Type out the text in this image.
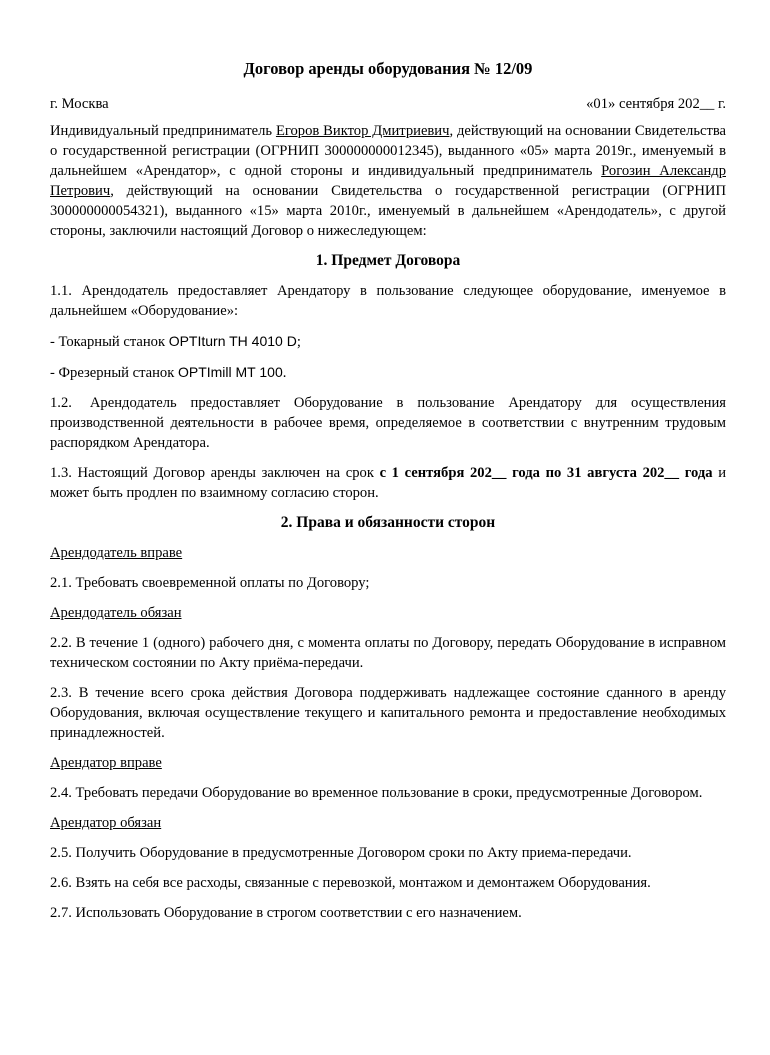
Договор аренды оборудования № 12/09
г. Москва	«01» сентября 202__ г.

Индивидуальный предприниматель Егоров Виктор Дмитриевич, действующий на основании Свидетельства о государственной регистрации (ОГРНИП 300000000012345), выданного «05» марта 2019г., именуемый в дальнейшем «Арендатор», с одной стороны и индивидуальный предприниматель Рогозин Александр Петрович, действующий на основании Свидетельства о государственной регистрации (ОГРНИП 300000000054321), выданного «15» марта 2010г., именуемый в дальнейшем «Арендодатель», с другой стороны, заключили настоящий Договор о нижеследующем:

1. Предмет Договора

1.1. Арендодатель предоставляет Арендатору в пользование следующее оборудование, именуемое в дальнейшем «Оборудование»:

- Токарный станок OPTIturn TH 4010 D;

- Фрезерный станок OPTImill MT 100.

1.2. Арендодатель предоставляет Оборудование в пользование Арендатору для осуществления производственной деятельности в рабочее время, определяемое в соответствии с внутренним трудовым распорядком Арендатора.

1.3. Настоящий Договор аренды заключен на срок с 1 сентября 202__ года по 31 августа 202__ года и может быть продлен по взаимному согласию сторон.

2. Права и обязанности сторон
Арендодатель вправе

2.1. Требовать своевременной оплаты по Договору;

Арендодатель обязан

2.2. В течение 1 (одного) рабочего дня, с момента оплаты по Договору, передать Оборудование в исправном техническом состоянии по Акту приёма-передачи.

2.3. В течение всего срока действия Договора поддерживать надлежащее состояние сданного в аренду Оборудования, включая осуществление текущего и капитального ремонта и предоставление необходимых принадлежностей.

Арендатор вправе

2.4. Требовать передачи Оборудование во временное пользование в сроки, предусмотренные Договором.

Арендатор обязан

2.5. Получить Оборудование в предусмотренные Договором сроки по Акту приема-передачи.

2.6. Взять на себя все расходы, связанные с перевозкой, монтажом и демонтажем Оборудования.

2.7. Использовать Оборудование в строгом соответствии с его назначением.
